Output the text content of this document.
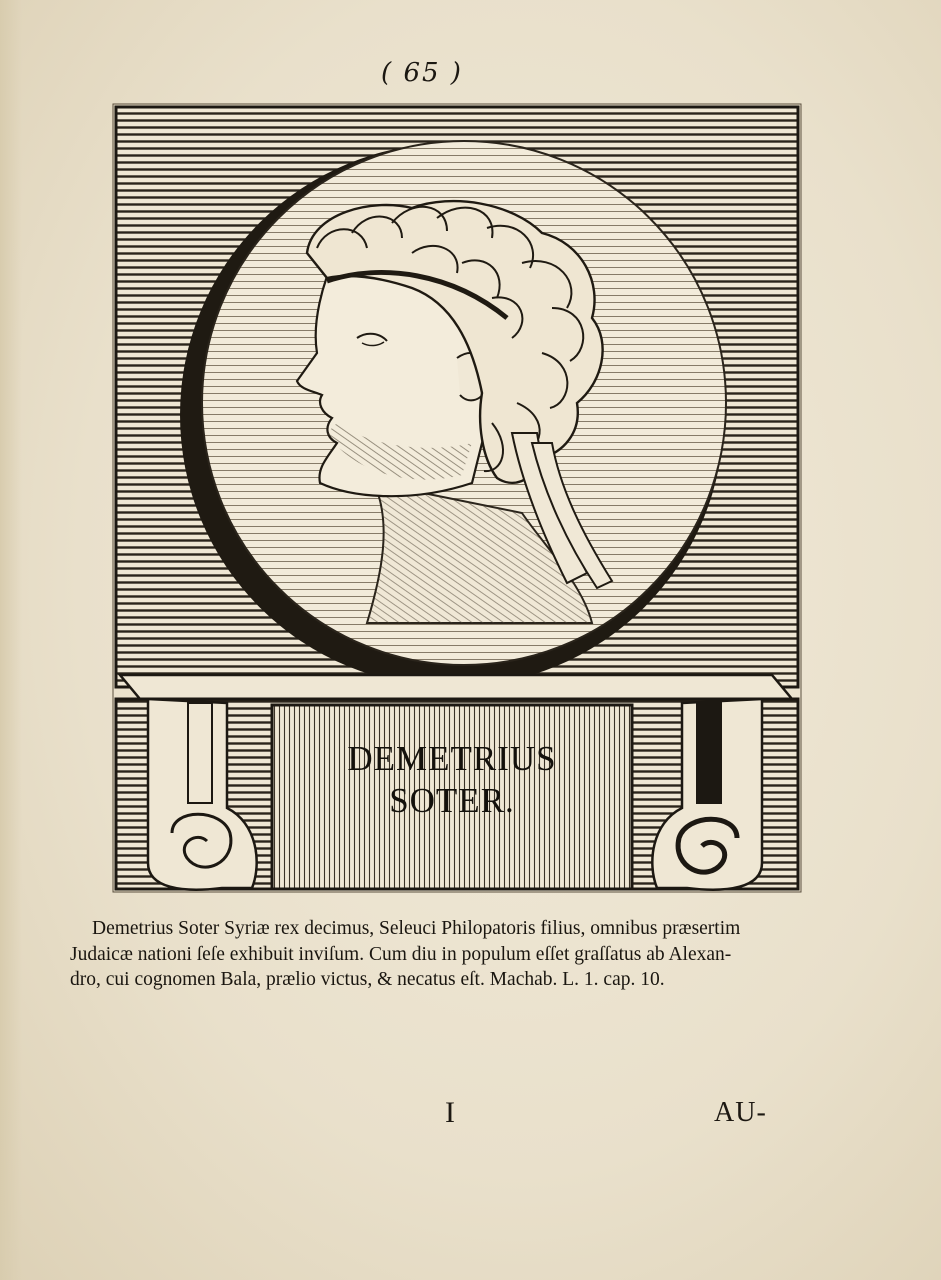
( 65 )
DEMETRIUS
SOTER.
Demetrius Soter Syriæ rex decimus, Seleuci Philopatoris filius, omnibus præsertim
Judaicæ nationi ſeſe exhibuit inviſum. Cum diu in populum eſſet graſſatus ab Alexan-
dro, cui cognomen Bala, prælio victus, & necatus eſt. Machab. L. 1. cap. 10.
I	AU-
